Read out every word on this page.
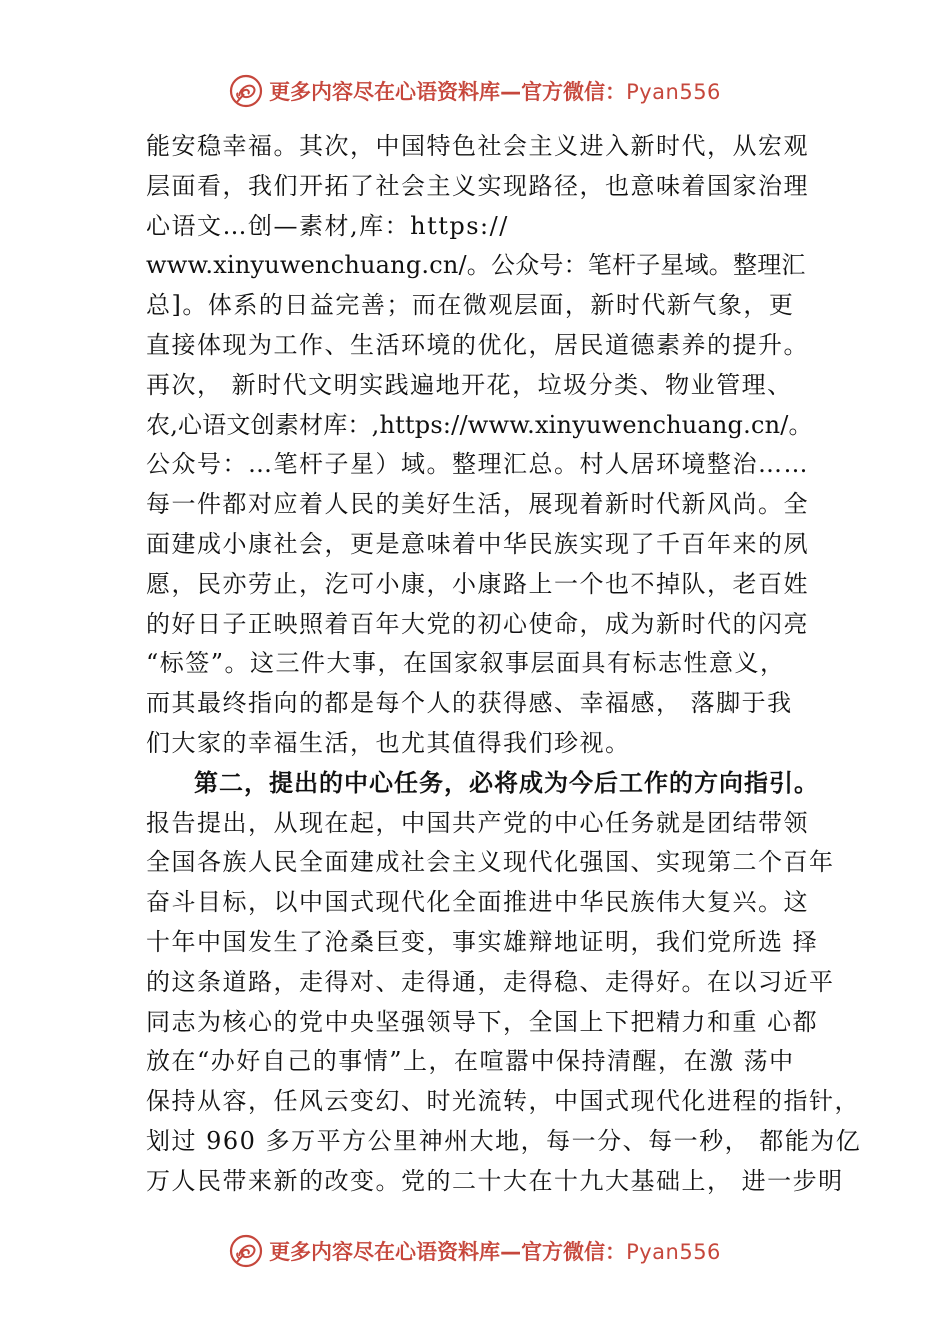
更多内容尽在心语资料库—官方微信：Pyan556
能安稳幸福。其次，中国特色社会主义进入新时代，从宏观
层面看，我们开拓了社会主义实现路径，也意味着国家治理
心语文…创—素材,库：https://
www.xinyuwenchuang.cn/。公众号：笔杆子星域。整理汇
总]。体系的日益完善；而在微观层面，新时代新气象，更
直接体现为工作、生活环境的优化，居民道德素养的提升。
再次， 新时代文明实践遍地开花，垃圾分类、物业管理、
农,心语文创素材库：,https://www.xinyuwenchuang.cn/。
公众号：…笔杆子星）域。整理汇总。村人居环境整治……
每一件都对应着人民的美好生活，展现着新时代新风尚。全
面建成小康社会，更是意味着中华民族实现了千百年来的夙
愿，民亦劳止，汔可小康，小康路上一个也不掉队，老百姓
的好日子正映照着百年大党的初心使命，成为新时代的闪亮
“标签”。这三件大事，在国家叙事层面具有标志性意义，
而其最终指向的都是每个人的获得感、幸福感， 落脚于我
们大家的幸福生活，也尤其值得我们珍视。
第二，提出的中心任务，必将成为今后工作的方向指引。
报告提出，从现在起，中国共产党的中心任务就是团结带领
全国各族人民全面建成社会主义现代化强国、实现第二个百年
奋斗目标，以中国式现代化全面推进中华民族伟大复兴。这
十年中国发生了沧桑巨变，事实雄辩地证明，我们党所选 择
的这条道路，走得对、走得通，走得稳、走得好。在以习近平
同志为核心的党中央坚强领导下，全国上下把精力和重 心都
放在“办好自己的事情”上，在喧嚣中保持清醒，在激 荡中
保持从容，任风云变幻、时光流转，中国式现代化进程的指针，
划过 960 多万平方公里神州大地，每一分、每一秒， 都能为亿
万人民带来新的改变。党的二十大在十九大基础上， 进一步明
更多内容尽在心语资料库—官方微信：Pyan556
